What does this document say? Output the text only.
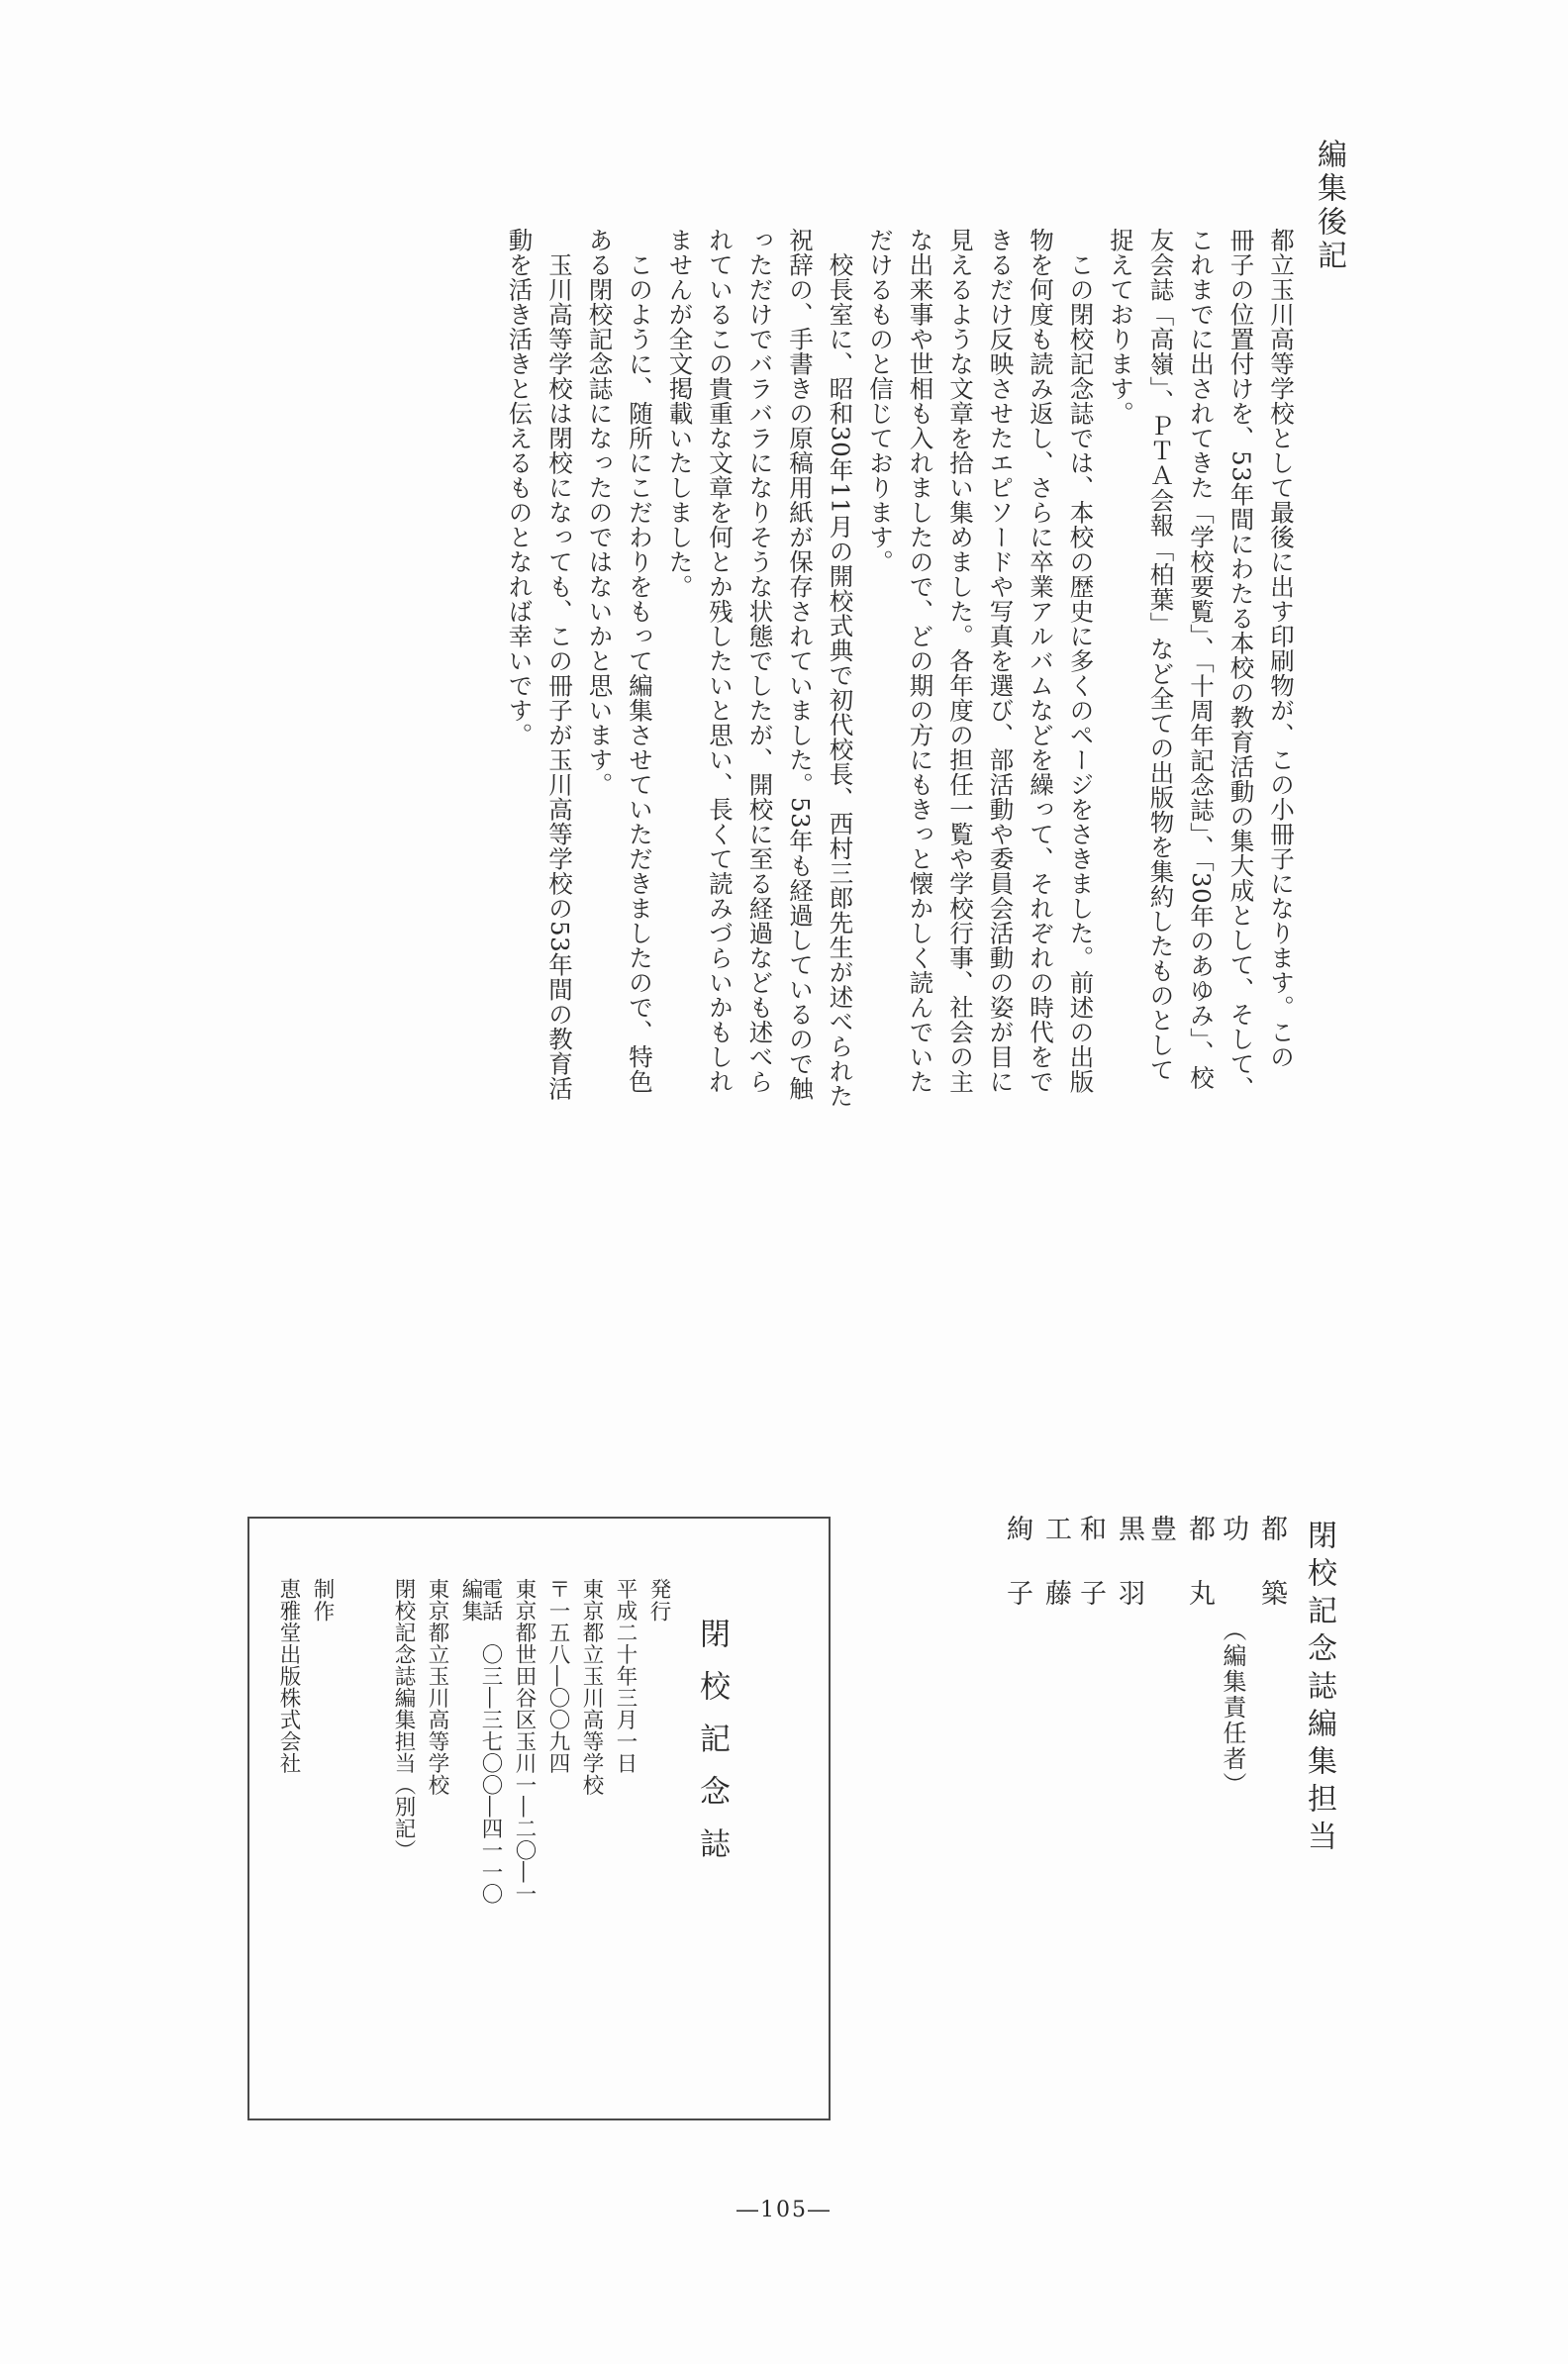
編集後記
都立玉川高等学校として最後に出す印刷物が、この小冊子になります。この
冊子の位置付けを、53年間にわたる本校の教育活動の集大成として、そして、
これまでに出されてきた「学校要覧」、「十周年記念誌」、「30年のあゆみ」、校
友会誌「高嶺」、ＰＴＡ会報「柏葉」など全ての出版物を集約したものとして
捉えております。
この閉校記念誌では、本校の歴史に多くのページをさきました。前述の出版
物を何度も読み返し、さらに卒業アルバムなどを繰って、それぞれの時代をで
きるだけ反映させたエピソードや写真を選び、部活動や委員会活動の姿が目に
見えるような文章を拾い集めました。各年度の担任一覧や学校行事、社会の主
な出来事や世相も入れましたので、どの期の方にもきっと懐かしく読んでいた
だけるものと信じております。
校長室に、昭和30年11月の開校式典で初代校長、西村三郎先生が述べられた
祝辞の、手書きの原稿用紙が保存されていました。53年も経過しているので触
っただけでバラバラになりそうな状態でしたが、開校に至る経過なども述べら
れているこの貴重な文章を何とか残したいと思い、長くて読みづらいかもしれ
ませんが全文掲載いたしました。
このように、随所にこだわりをもって編集させていただきましたので、特色
ある閉校記念誌になったのではないかと思います。
玉川高等学校は閉校になっても、この冊子が玉川高等学校の53年間の教育活
動を活き活きと伝えるものとなれば幸いです。
閉校記念誌編集担当
都築
功 （編集責任者）
都丸
豊
黒羽
和子
工藤
絢子
閉校記念誌
発行
平成二十年三月一日
東京都立玉川高等学校
〒一五八―〇〇九四
東京都世田谷区玉川一―二〇―一
電話　〇三―三七〇〇―四一一〇
編集
東京都立玉川高等学校
閉校記念誌編集担当（別記）
制作
恵雅堂出版株式会社
―105―
